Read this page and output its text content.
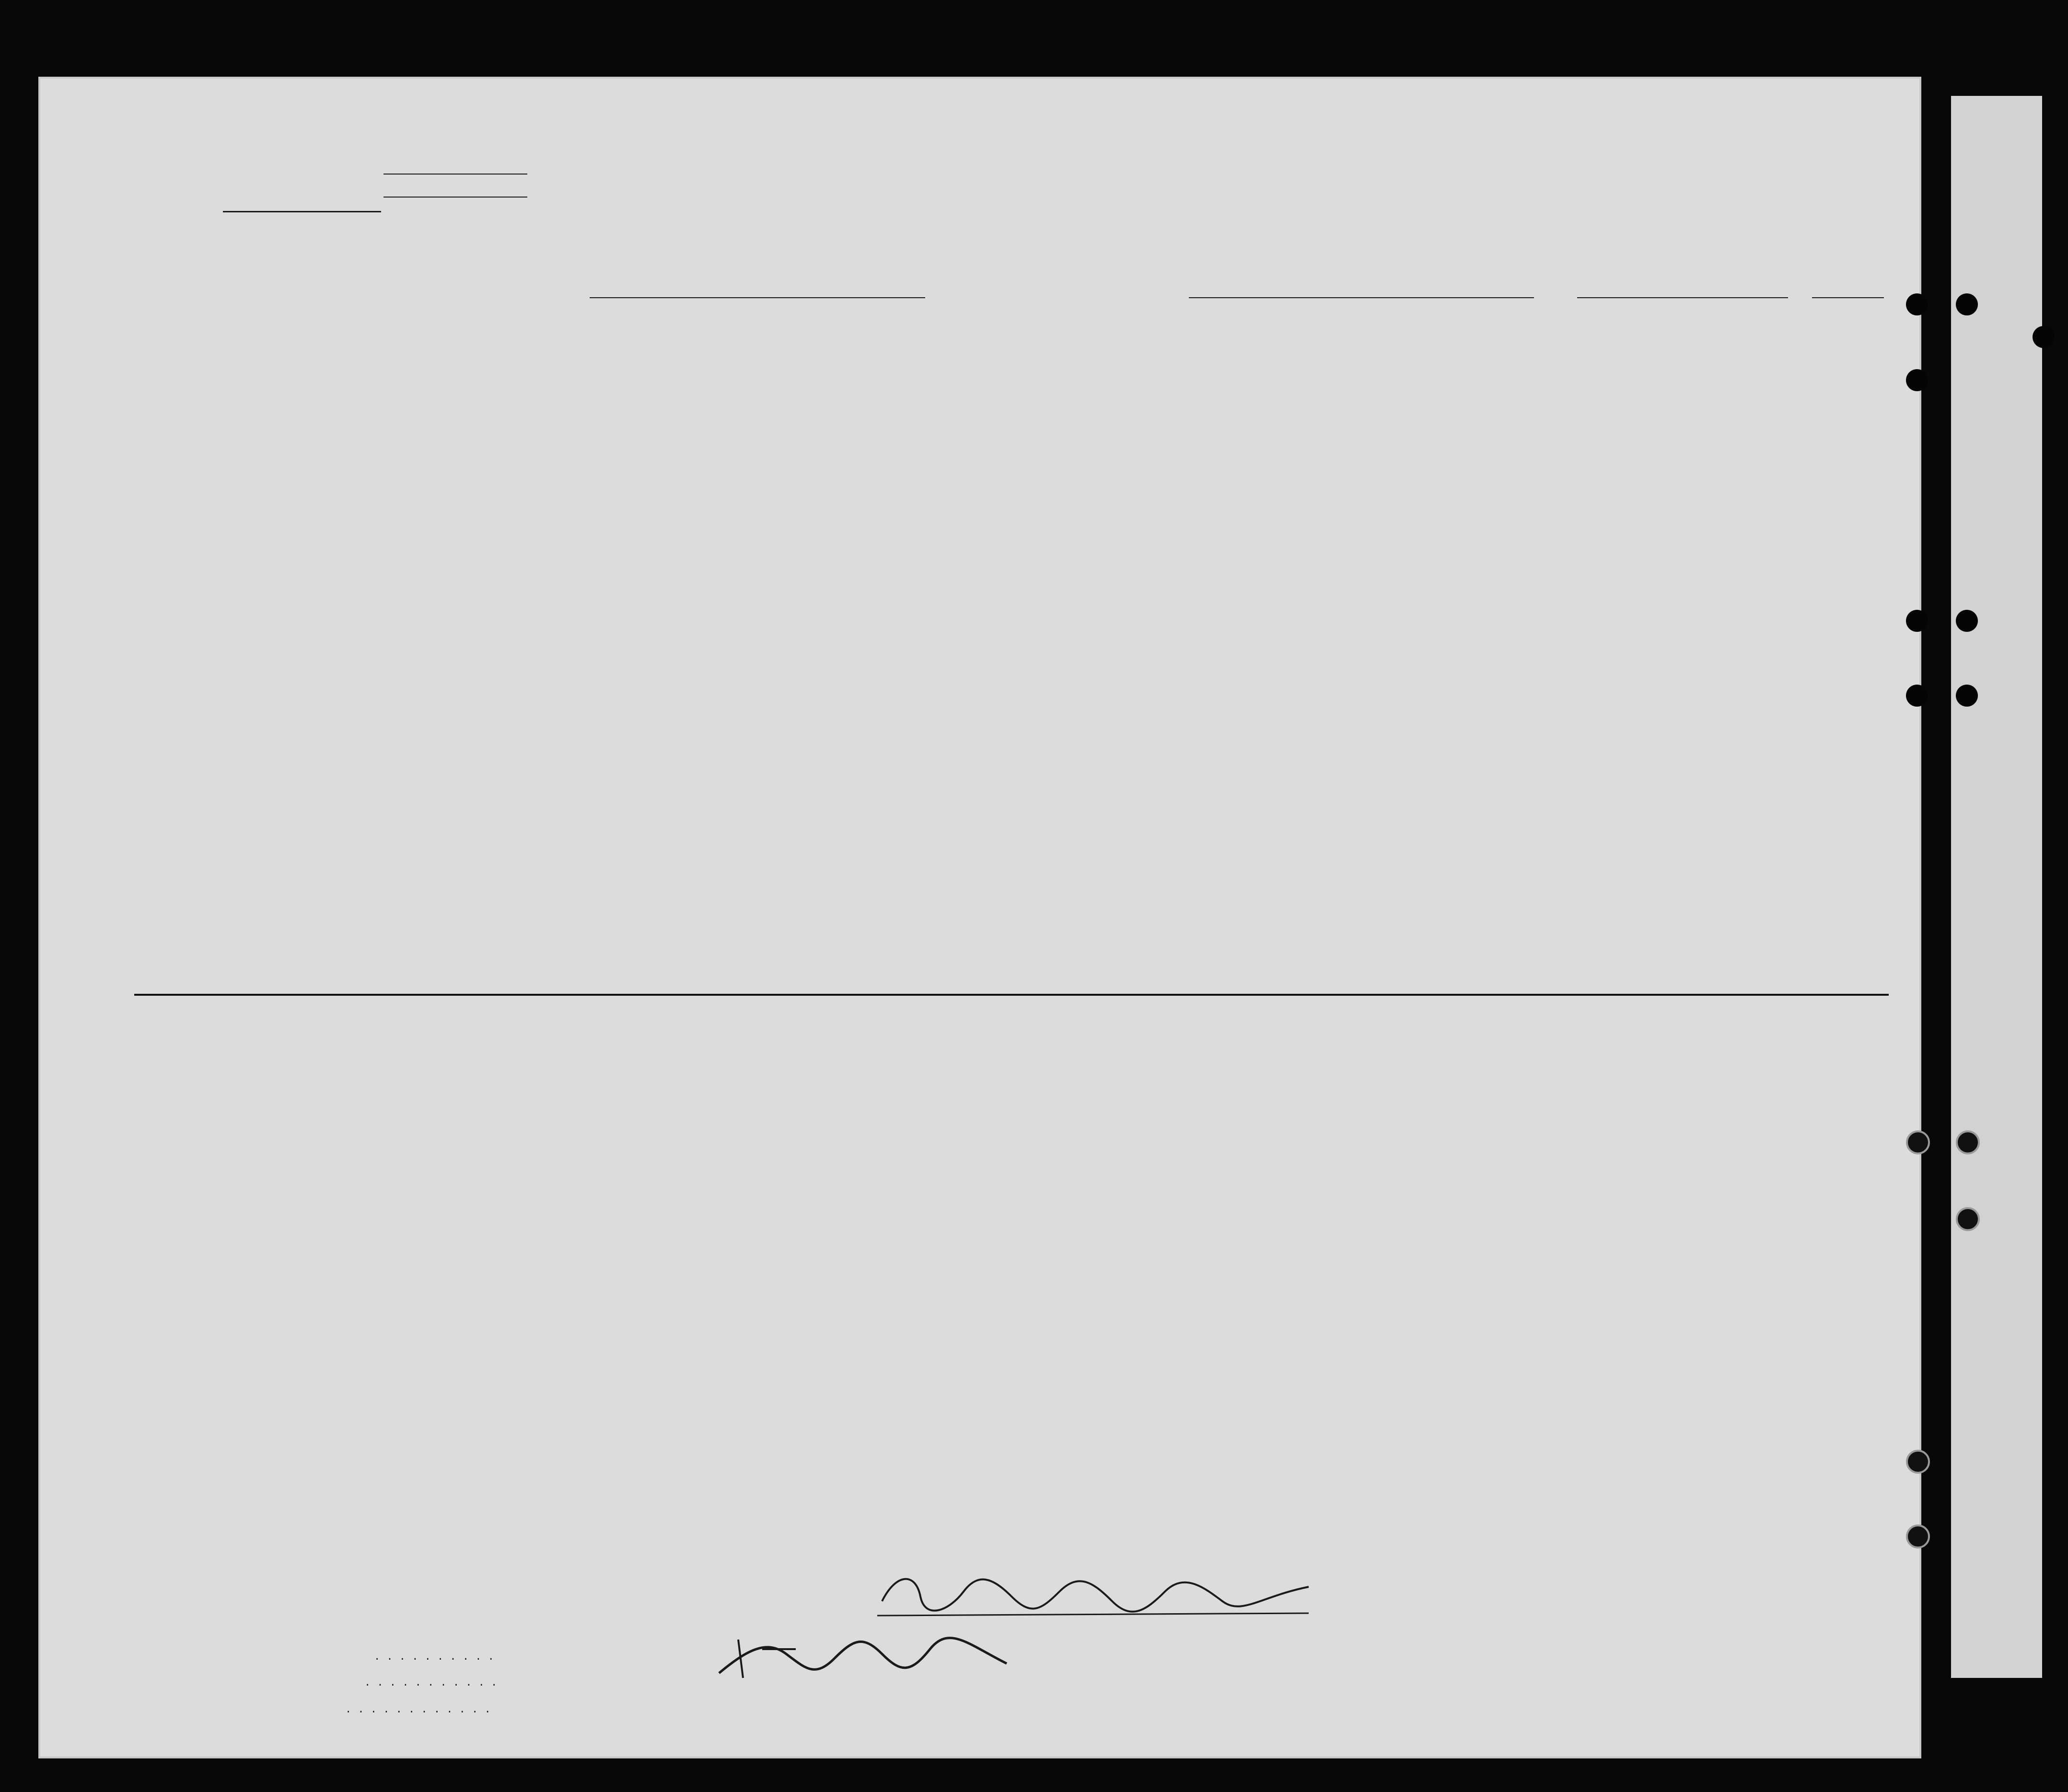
. . . . . . . . . .
. . . . . . . . . . .
. . . . . . . . . . . .
